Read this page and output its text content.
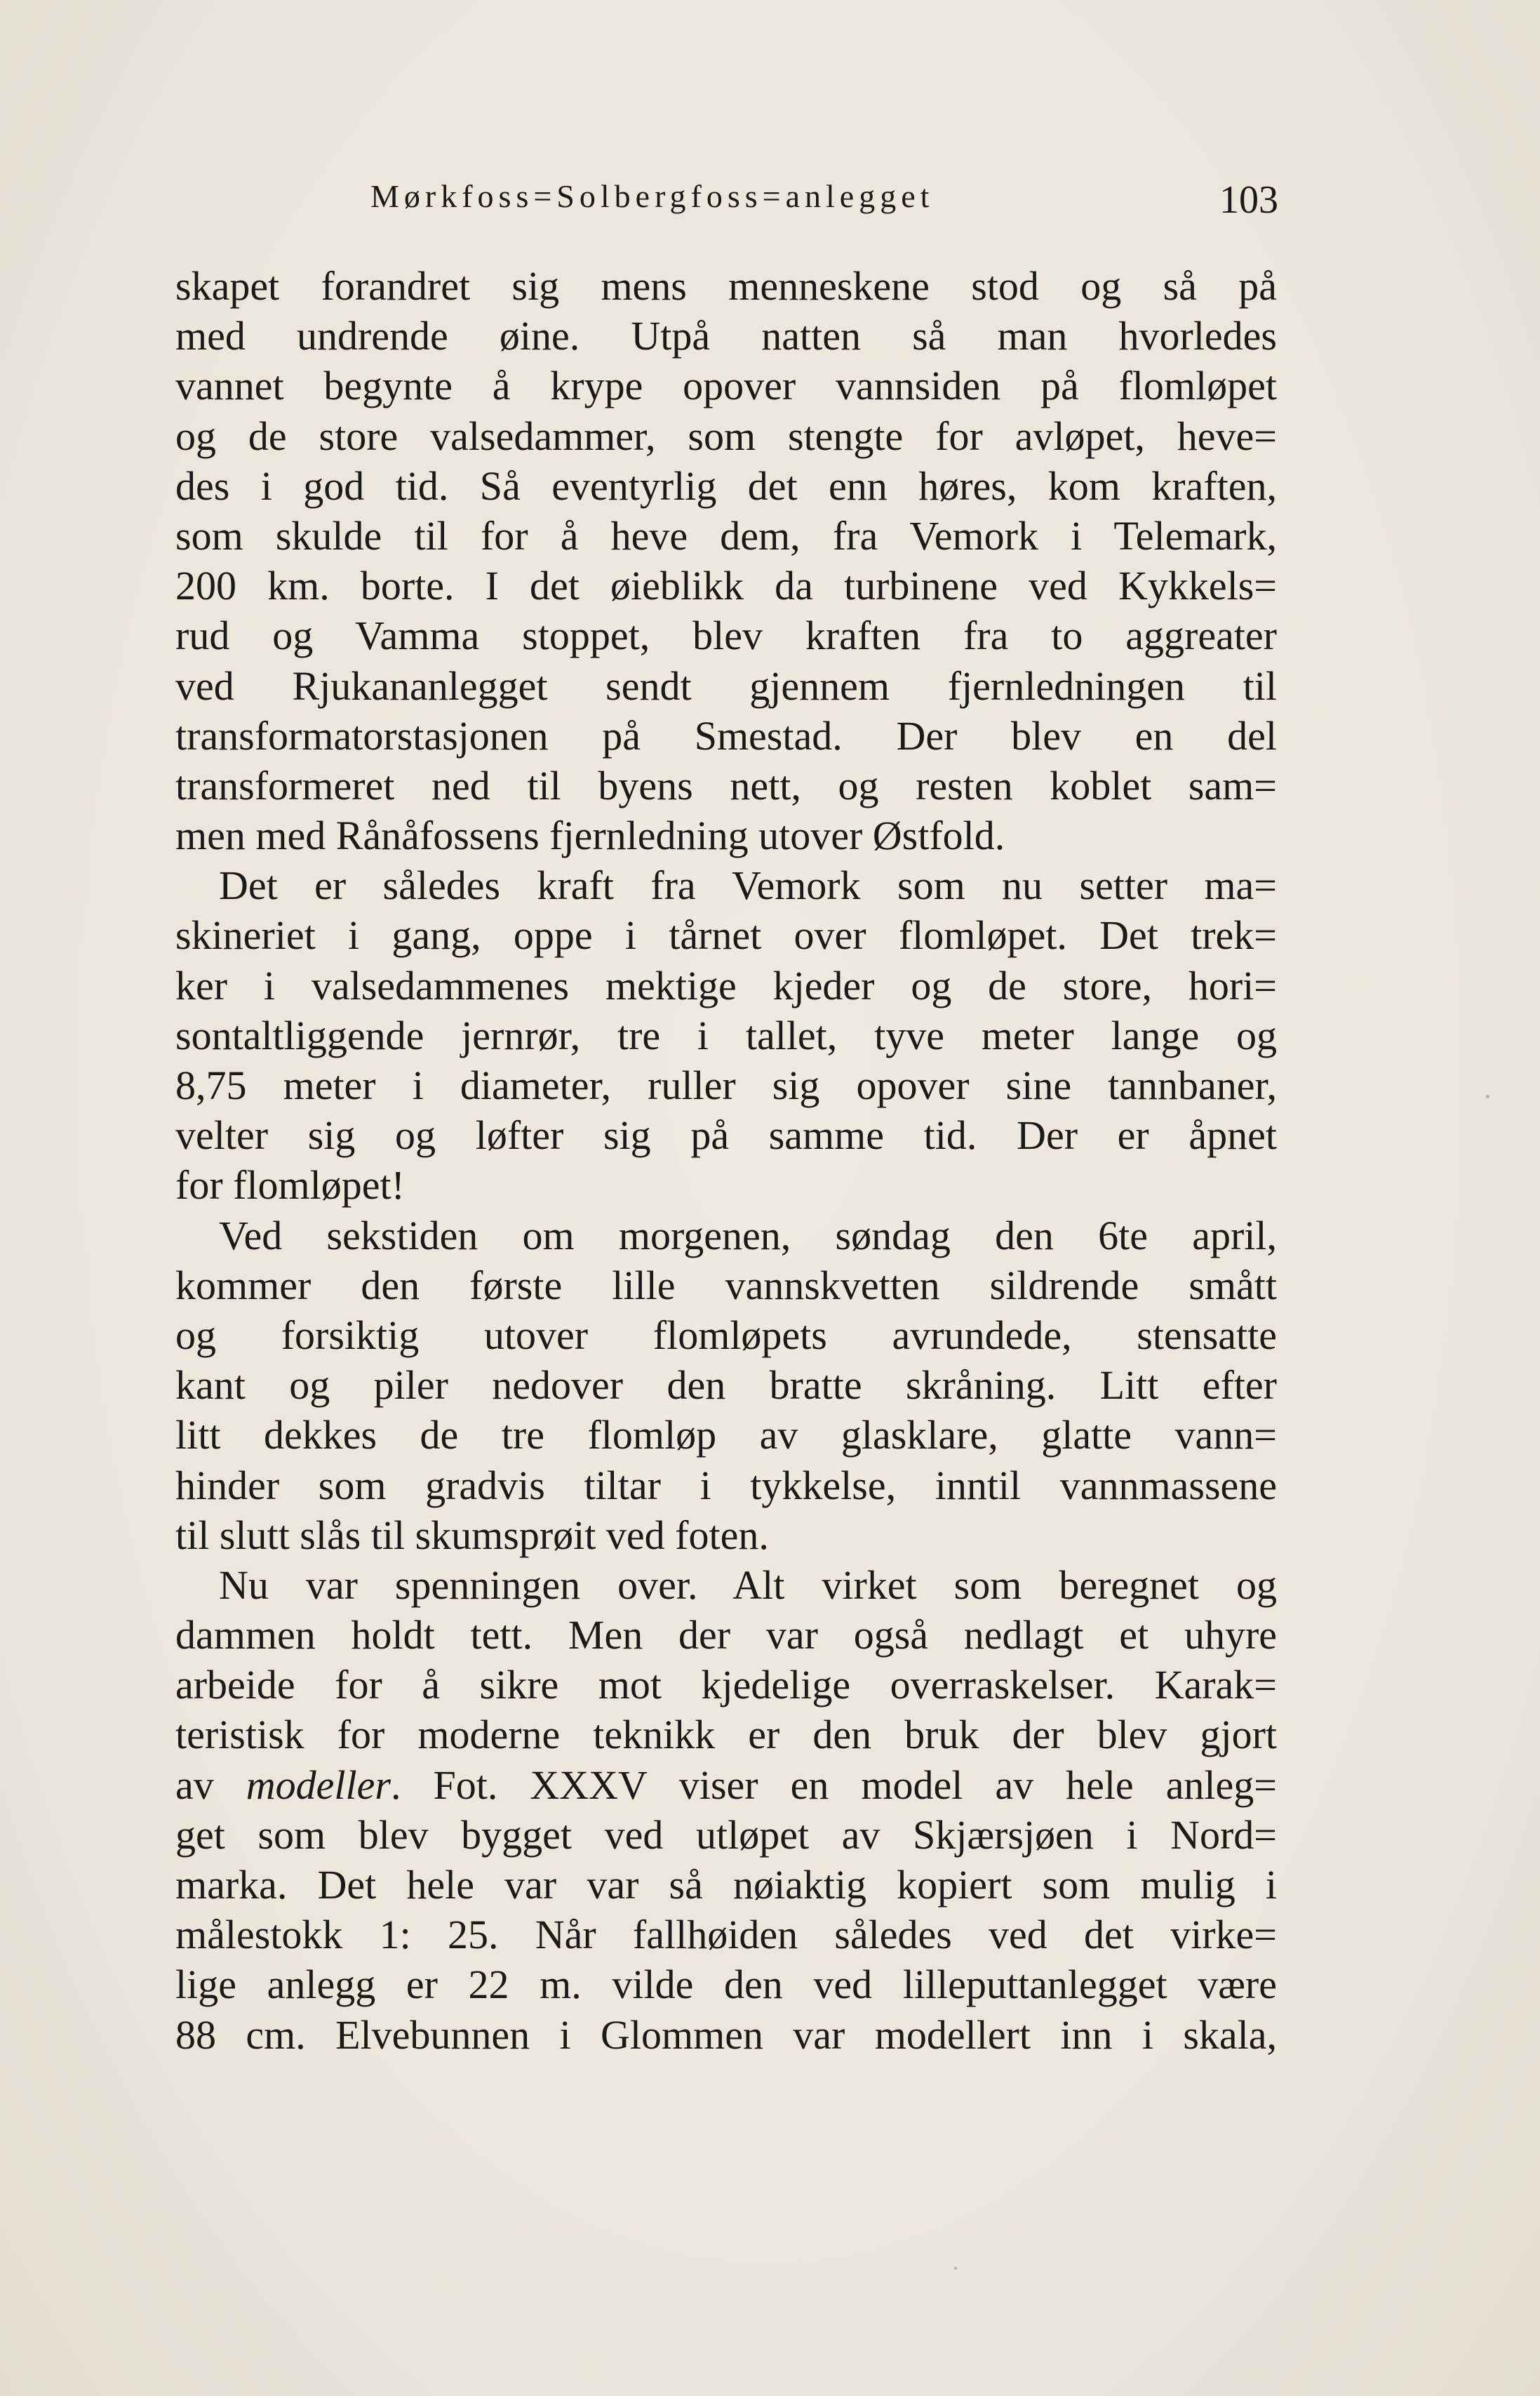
Mørkfoss=Solbergfoss=anlegget	103
skapet forandret sig mens menneskene stod og så på
med undrende øine. Utpå natten så man hvorledes
vannet begynte å krype opover vannsiden på flomløpet
og de store valsedammer, som stengte for avløpet, heve=
des i god tid. Så eventyrlig det enn høres, kom kraften,
som skulde til for å heve dem, fra Vemork i Telemark,
200 km. borte. I det øieblikk da turbinene ved Kykkels=
rud og Vamma stoppet, blev kraften fra to aggreater
ved Rjukananlegget sendt gjennem fjernledningen til
transformatorstasjonen på Smestad. Der blev en del
transformeret ned til byens nett, og resten koblet sam=
men med Rånåfossens fjernledning utover Østfold.
Det er således kraft fra Vemork som nu setter ma=
skineriet i gang, oppe i tårnet over flomløpet. Det trek=
ker i valsedammenes mektige kjeder og de store, hori=
sontaltliggende jernrør, tre i tallet, tyve meter lange og
8,75 meter i diameter, ruller sig opover sine tannbaner,
velter sig og løfter sig på samme tid. Der er åpnet
for flomløpet!
Ved sekstiden om morgenen, søndag den 6te april,
kommer den første lille vannskvetten sildrende smått
og forsiktig utover flomløpets avrundede, stensatte
kant og piler nedover den bratte skråning. Litt efter
litt dekkes de tre flomløp av glasklare, glatte vann=
hinder som gradvis tiltar i tykkelse, inntil vannmassene
til slutt slås til skumsprøit ved foten.
Nu var spenningen over. Alt virket som beregnet og
dammen holdt tett. Men der var også nedlagt et uhyre
arbeide for å sikre mot kjedelige overraskelser. Karak=
teristisk for moderne teknikk er den bruk der blev gjort
av modeller. Fot. XXXV viser en model av hele anleg=
get som blev bygget ved utløpet av Skjærsjøen i Nord=
marka. Det hele var var så nøiaktig kopiert som mulig i
målestokk 1: 25. Når fallhøiden således ved det virke=
lige anlegg er 22 m. vilde den ved lilleputtanlegget være
88 cm. Elvebunnen i Glommen var modellert inn i skala,
